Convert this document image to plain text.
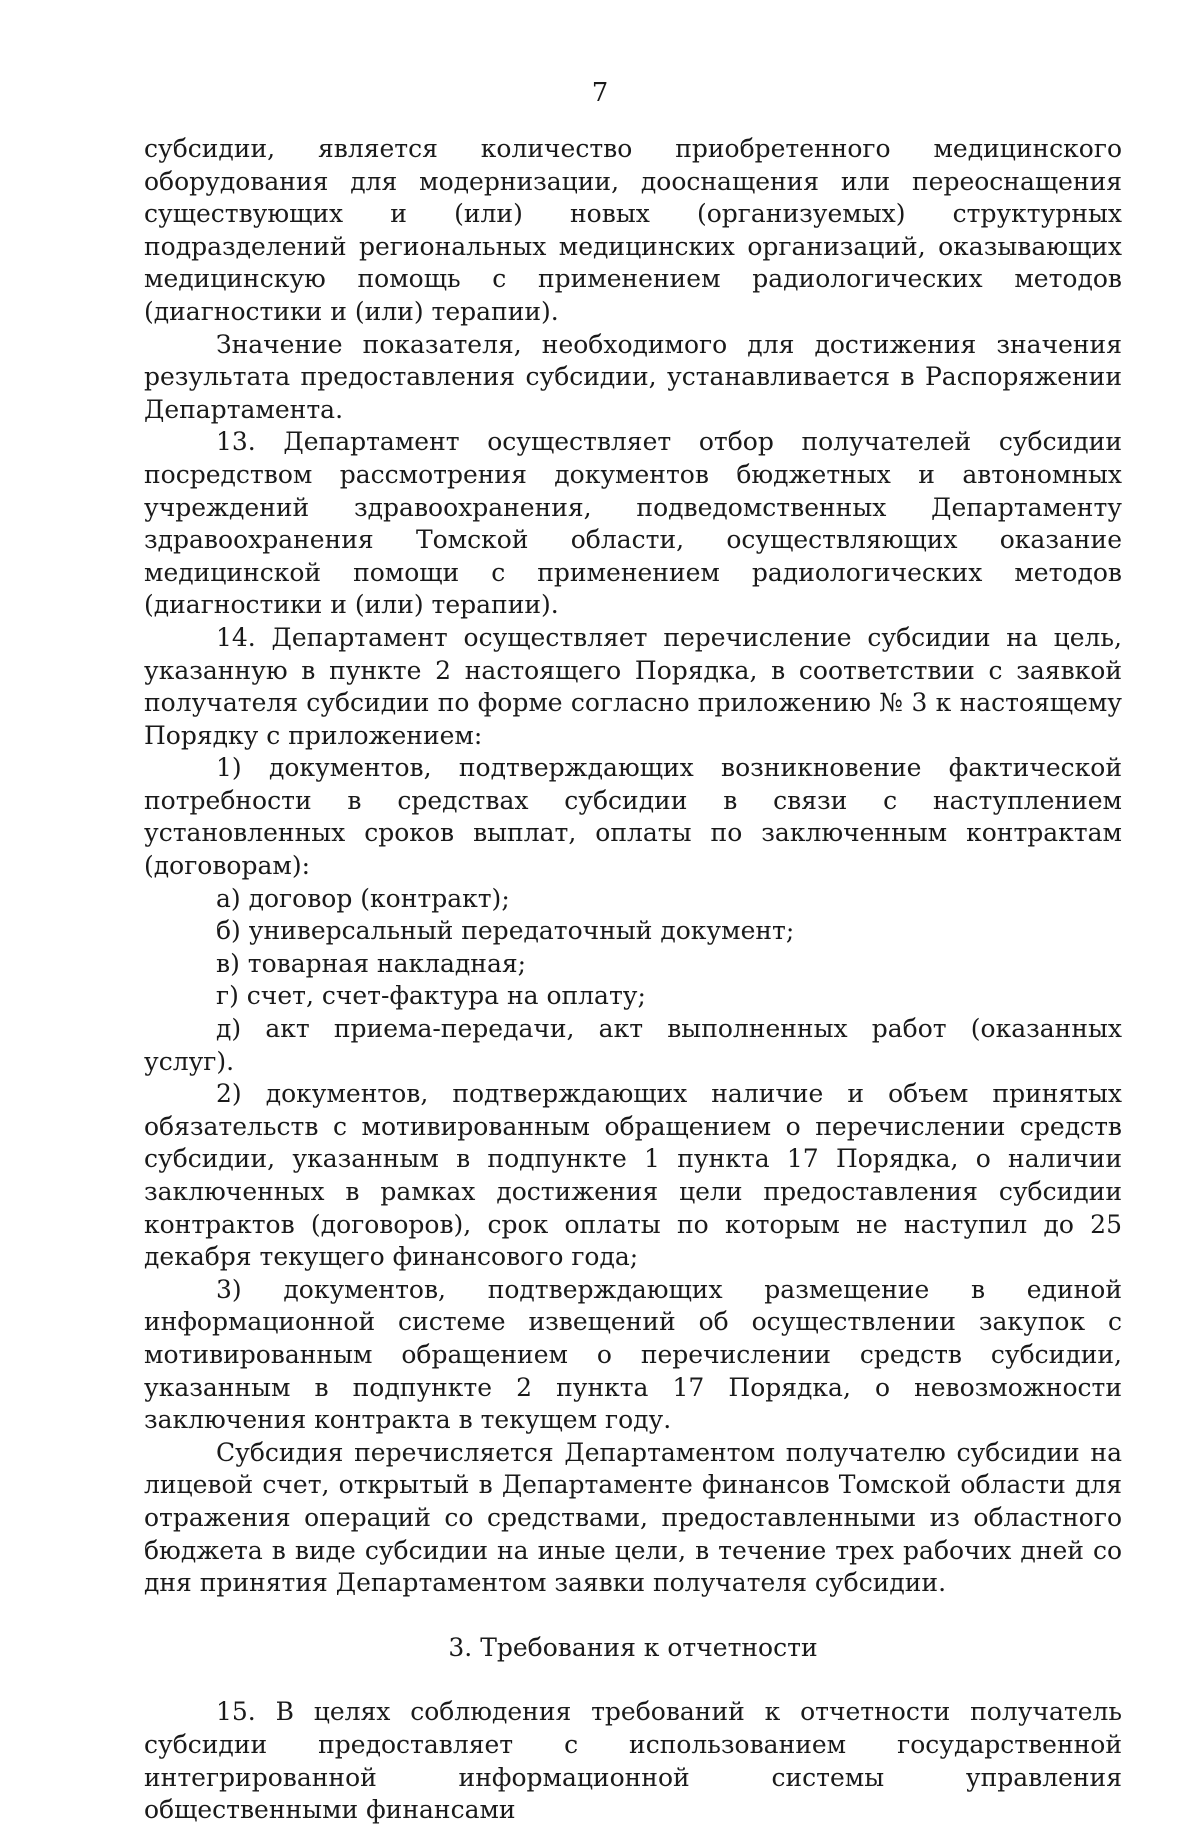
7

субсидии, является количество приобретенного медицинского оборудования для модернизации, дооснащения или переоснащения существующих и (или) новых (организуемых) структурных подразделений региональных медицинских организаций, оказывающих медицинскую помощь с применением радиологических методов (диагностики и (или) терапии).

Значение показателя, необходимого для достижения значения результата предоставления субсидии, устанавливается в Распоряжении Департамента.

13. Департамент осуществляет отбор получателей субсидии посредством рассмотрения документов бюджетных и автономных учреждений здравоохранения, подведомственных Департаменту здравоохранения Томской области, осуществляющих оказание медицинской помощи с применением радиологических методов (диагностики и (или) терапии).

14. Департамент осуществляет перечисление субсидии на цель, указанную в пункте 2 настоящего Порядка, в соответствии с заявкой получателя субсидии по форме согласно приложению № 3 к настоящему Порядку с приложением:

1) документов, подтверждающих возникновение фактической потребности в средствах субсидии в связи с наступлением установленных сроков выплат, оплаты по заключенным контрактам (договорам):

а) договор (контракт);

б) универсальный передаточный документ;

в) товарная накладная;

г) счет, счет-фактура на оплату;

д) акт приема-передачи, акт выполненных работ (оказанных услуг).

2) документов, подтверждающих наличие и объем принятых обязательств с мотивированным обращением о перечислении средств субсидии, указанным в подпункте 1 пункта 17 Порядка, о наличии заключенных в рамках достижения цели предоставления субсидии контрактов (договоров), срок оплаты по которым не наступил до 25 декабря текущего финансового года;

3) документов, подтверждающих размещение в единой информационной системе извещений об осуществлении закупок с мотивированным обращением о перечислении средств субсидии, указанным в подпункте 2 пункта 17 Порядка, о невозможности заключения контракта в текущем году.

Субсидия перечисляется Департаментом получателю субсидии на лицевой счет, открытый в Департаменте финансов Томской области для отражения операций со средствами, предоставленными из областного бюджета в виде субсидии на иные цели, в течение трех рабочих дней со дня принятия Департаментом заявки получателя субсидии.

3. Требования к отчетности

15. В целях соблюдения требований к отчетности получатель субсидии предоставляет с использованием государственной интегрированной информационной системы управления общественными финансами
